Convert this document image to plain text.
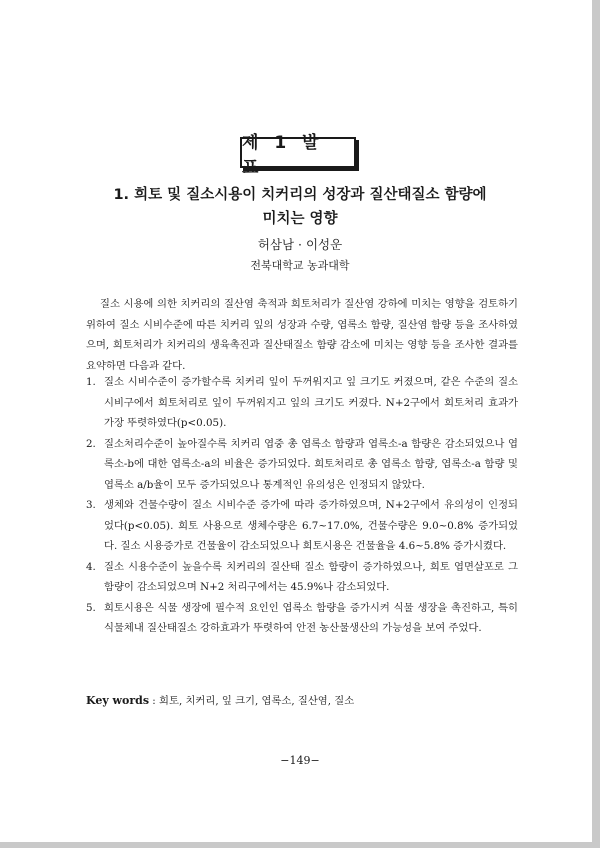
제 1 발 표
1. 희토 및 질소시용이 치커리의 성장과 질산태질소 함량에
미치는 영향
허삼남 · 이성운
전북대학교 농과대학

질소 시용에 의한 치커리의 질산염 축적과 희토처리가 질산염 강하에 미치는 영향을 검토하기 위하여 질소 시비수준에 따른 치커리 잎의 성장과 수량, 엽록소 함량, 질산염 함량 등을 조사하였으며, 희토처리가 치커리의 생육촉진과 질산태질소 함량 감소에 미치는 영향 등을 조사한 결과를 요약하면 다음과 같다.

1. 질소 시비수준이 증가할수록 치커리 잎이 두꺼워지고 잎 크기도 커졌으며, 같은 수준의 질소 시비구에서 희토처리로 잎이 두꺼워지고 잎의 크기도 커졌다. N+2구에서 희토처리 효과가 가장 뚜렷하였다(p<0.05).
2. 질소처리수준이 높아질수록 치커리 엽중 총 엽록소 함량과 엽록소-a 함량은 감소되었으나 엽록소-b에 대한 엽록소-a의 비율은 증가되었다. 희토처리로 총 엽록소 함량, 엽록소-a 함량 및 엽록소 a/b율이 모두 증가되었으나 통계적인 유의성은 인정되지 않았다.
3. 생체와 건물수량이 질소 시비수준 증가에 따라 증가하였으며, N+2구에서 유의성이 인정되었다(p<0.05). 희토 사용으로 생체수량은 6.7~17.0%, 건물수량은 9.0~0.8% 증가되었다. 질소 시용증가로 건물율이 감소되었으나 희토시용은 건물율을 4.6~5.8% 증가시켰다.
4. 질소 시용수준이 높을수록 치커리의 질산태 질소 함량이 증가하였으나, 희토 엽면살포로 그 함량이 감소되었으며 N+2 처리구에서는 45.9%나 감소되었다.
5. 희토시용은 식물 생장에 필수적 요인인 엽록소 함량을 증가시켜 식물 생장을 촉진하고, 특히 식물체내 질산태질소 강하효과가 뚜렷하여 안전 농산물생산의 가능성을 보여 주었다.
Key words : 희토, 치커리, 잎 크기, 엽록소, 질산염, 질소
−149−
